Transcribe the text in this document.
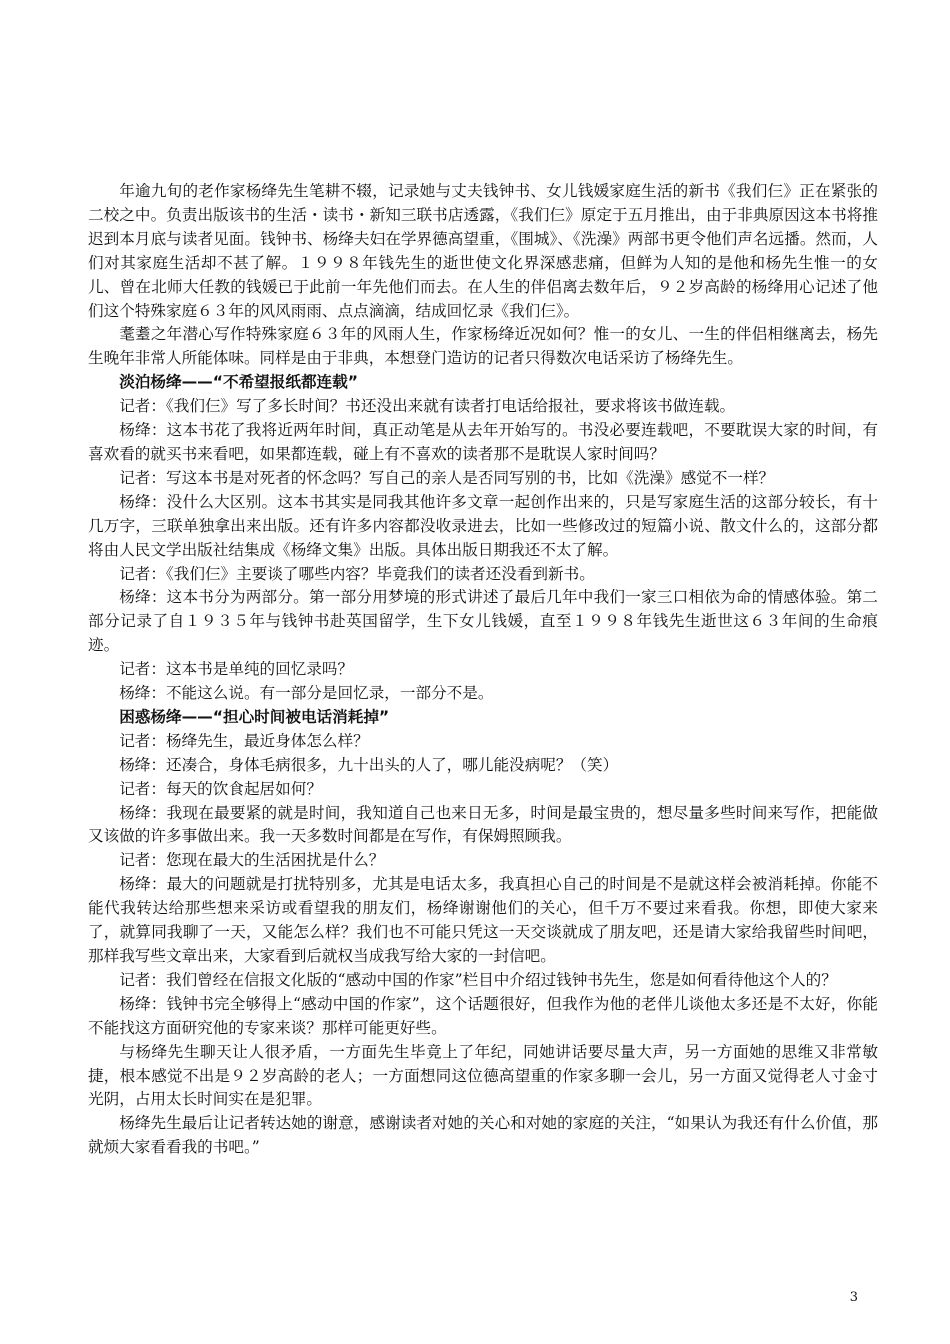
年逾九旬的老作家杨绛先生笔耕不辍，记录她与丈夫钱钟书、女儿钱媛家庭生活的新书《我们仨》正在紧张的二校之中。负责出版该书的生活・读书・新知三联书店透露，《我们仨》原定于五月推出，由于非典原因这本书将推迟到本月底与读者见面。钱钟书、杨绛夫妇在学界德高望重，《围城》、《洗澡》两部书更令他们声名远播。然而，人们对其家庭生活却不甚了解。１９９８年钱先生的逝世使文化界深感悲痛，但鲜为人知的是他和杨先生惟一的女儿、曾在北师大任教的钱媛已于此前一年先他们而去。在人生的伴侣离去数年后，９２岁高龄的杨绛用心记述了他们这个特殊家庭６３年的风风雨雨、点点滴滴，结成回忆录《我们仨》。

耄耋之年潜心写作特殊家庭６３年的风雨人生，作家杨绛近况如何？惟一的女儿、一生的伴侣相继离去，杨先生晚年非常人所能体味。同样是由于非典，本想登门造访的记者只得数次电话采访了杨绛先生。

淡泊杨绛——“不希望报纸都连载”

记者：《我们仨》写了多长时间？书还没出来就有读者打电话给报社，要求将该书做连载。

杨绛：这本书花了我将近两年时间，真正动笔是从去年开始写的。书没必要连载吧，不要耽误大家的时间，有喜欢看的就买书来看吧，如果都连载，碰上有不喜欢的读者那不是耽误人家时间吗？

记者：写这本书是对死者的怀念吗？写自己的亲人是否同写别的书，比如《洗澡》感觉不一样？

杨绛：没什么大区别。这本书其实是同我其他许多文章一起创作出来的，只是写家庭生活的这部分较长，有十几万字，三联单独拿出来出版。还有许多内容都没收录进去，比如一些修改过的短篇小说、散文什么的，这部分都将由人民文学出版社结集成《杨绛文集》出版。具体出版日期我还不太了解。

记者：《我们仨》主要谈了哪些内容？毕竟我们的读者还没看到新书。

杨绛：这本书分为两部分。第一部分用梦境的形式讲述了最后几年中我们一家三口相依为命的情感体验。第二部分记录了自１９３５年与钱钟书赴英国留学，生下女儿钱媛，直至１９９８年钱先生逝世这６３年间的生命痕迹。

记者：这本书是单纯的回忆录吗？

杨绛：不能这么说。有一部分是回忆录，一部分不是。

困惑杨绛——“担心时间被电话消耗掉”

记者：杨绛先生，最近身体怎么样？

杨绛：还凑合，身体毛病很多，九十出头的人了，哪儿能没病呢？（笑）

记者：每天的饮食起居如何？

杨绛：我现在最要紧的就是时间，我知道自己也来日无多，时间是最宝贵的，想尽量多些时间来写作，把能做又该做的许多事做出来。我一天多数时间都是在写作，有保姆照顾我。

记者：您现在最大的生活困扰是什么？

杨绛：最大的问题就是打扰特别多，尤其是电话太多，我真担心自己的时间是不是就这样会被消耗掉。你能不能代我转达给那些想来采访或看望我的朋友们，杨绛谢谢他们的关心，但千万不要过来看我。你想，即使大家来了，就算同我聊了一天，又能怎么样？我们也不可能只凭这一天交谈就成了朋友吧，还是请大家给我留些时间吧，那样我写些文章出来，大家看到后就权当成我写给大家的一封信吧。

记者：我们曾经在信报文化版的“感动中国的作家”栏目中介绍过钱钟书先生，您是如何看待他这个人的？

杨绛：钱钟书完全够得上“感动中国的作家”，这个话题很好，但我作为他的老伴儿谈他太多还是不太好，你能不能找这方面研究他的专家来谈？那样可能更好些。

与杨绛先生聊天让人很矛盾，一方面先生毕竟上了年纪，同她讲话要尽量大声，另一方面她的思维又非常敏捷，根本感觉不出是９２岁高龄的老人；一方面想同这位德高望重的作家多聊一会儿，另一方面又觉得老人寸金寸光阴，占用太长时间实在是犯罪。

杨绛先生最后让记者转达她的谢意，感谢读者对她的关心和对她的家庭的关注，“如果认为我还有什么价值，那就烦大家看看我的书吧。”

3
